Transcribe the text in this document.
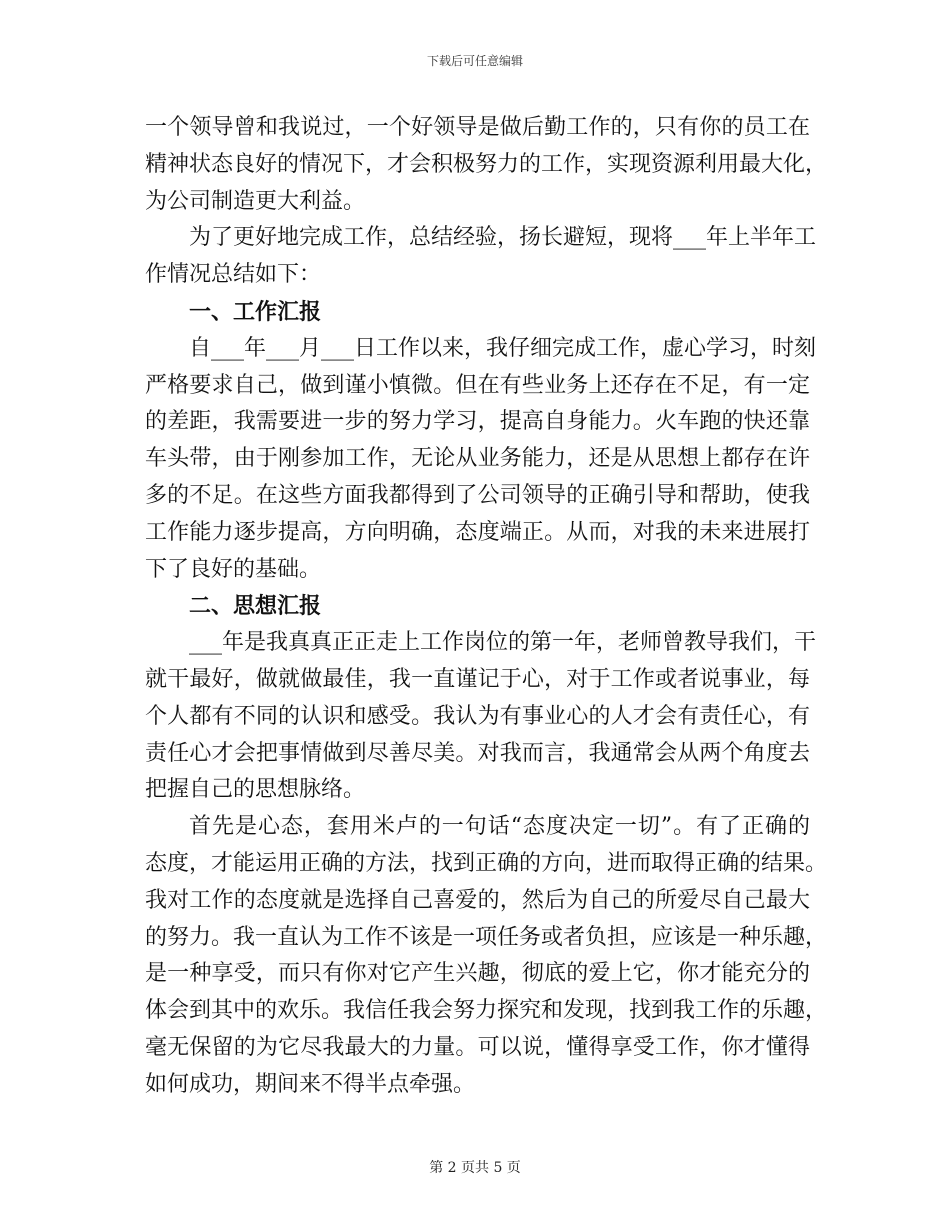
下载后可任意编辑
一个领导曾和我说过，一个好领导是做后勤工作的，只有你的员工在
精神状态良好的情况下，才会积极努力的工作，实现资源利用最大化，
为公司制造更大利益。
为了更好地完成工作，总结经验，扬长避短，现将___年上半年工
作情况总结如下：
一、工作汇报
自___年___月___日工作以来，我仔细完成工作，虚心学习，时刻
严格要求自己，做到谨小慎微。但在有些业务上还存在不足，有一定
的差距，我需要进一步的努力学习，提高自身能力。火车跑的快还靠
车头带，由于刚参加工作，无论从业务能力，还是从思想上都存在许
多的不足。在这些方面我都得到了公司领导的正确引导和帮助，使我
工作能力逐步提高，方向明确，态度端正。从而，对我的未来进展打
下了良好的基础。
二、思想汇报
___年是我真真正正走上工作岗位的第一年，老师曾教导我们，干
就干最好，做就做最佳，我一直谨记于心，对于工作或者说事业，每
个人都有不同的认识和感受。我认为有事业心的人才会有责任心，有
责任心才会把事情做到尽善尽美。对我而言，我通常会从两个角度去
把握自己的思想脉络。
首先是心态，套用米卢的一句话“态度决定一切”。有了正确的
态度，才能运用正确的方法，找到正确的方向，进而取得正确的结果。
我对工作的态度就是选择自己喜爱的，然后为自己的所爱尽自己最大
的努力。我一直认为工作不该是一项任务或者负担，应该是一种乐趣，
是一种享受，而只有你对它产生兴趣，彻底的爱上它，你才能充分的
体会到其中的欢乐。我信任我会努力探究和发现，找到我工作的乐趣，
毫无保留的为它尽我最大的力量。可以说，懂得享受工作，你才懂得
如何成功，期间来不得半点牵强。
第 2 页共 5 页
